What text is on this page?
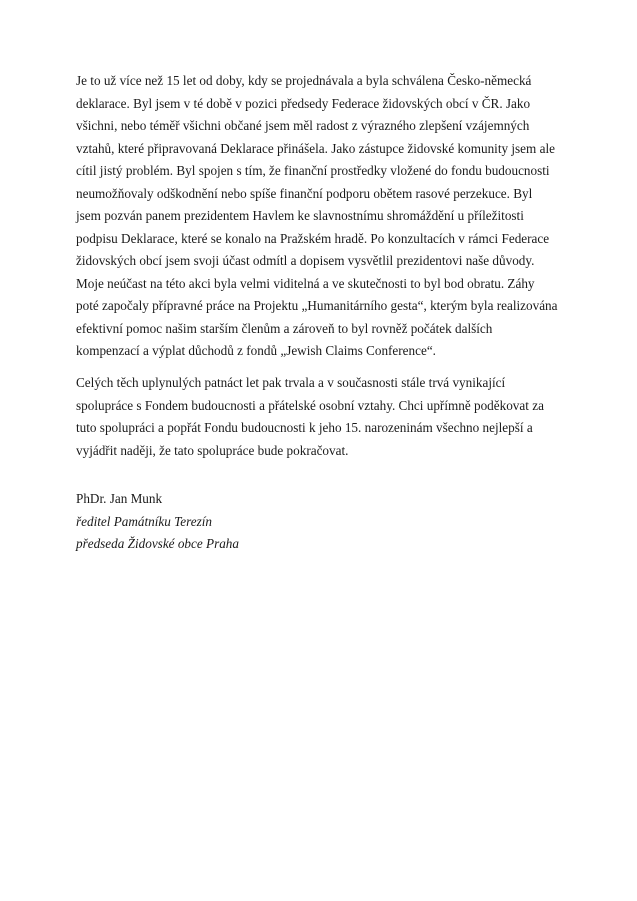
Je to už více než 15 let od doby, kdy se projednávala a byla schválena Česko-německá
deklarace. Byl jsem v té době v pozici předsedy Federace židovských obcí v ČR. Jako
všichni, nebo téměř všichni občané jsem měl radost z výrazného zlepšení vzájemných
vztahů, které připravovaná Deklarace přinášela. Jako zástupce židovské komunity jsem ale
cítil jistý problém. Byl spojen s tím, že finanční prostředky vložené do fondu budoucnosti
neumožňovaly odškodnění nebo spíše finanční podporu obětem rasové perzekuce. Byl
jsem pozván panem prezidentem Havlem ke slavnostnímu shromáždění u příležitosti
podpisu Deklarace, které se konalo na Pražském hradě. Po konzultacích v rámci Federace
židovských obcí jsem svoji účast odmítl a dopisem vysvětlil prezidentovi naše důvody.
Moje neúčast na této akci byla velmi viditelná a ve skutečnosti to byl bod obratu. Záhy
poté započaly přípravné práce na Projektu „Humanitárního gesta“, kterým byla realizována
efektivní pomoc našim starším členům a zároveň to byl rovněž počátek dalších
kompenzací a výplat důchodů z fondů „Jewish Claims Conference“.
Celých těch uplynulých patnáct let pak trvala a v současnosti stále trvá vynikající
spolupráce s Fondem budoucnosti a přátelské osobní vztahy. Chci upřímně poděkovat za
tuto spolupráci a popřát Fondu budoucnosti k jeho 15. narozeninám všechno nejlepší a
vyjádřit naději, že tato spolupráce bude pokračovat.
PhDr. Jan Munk
ředitel Památníku Terezín
předseda Židovské obce Praha
